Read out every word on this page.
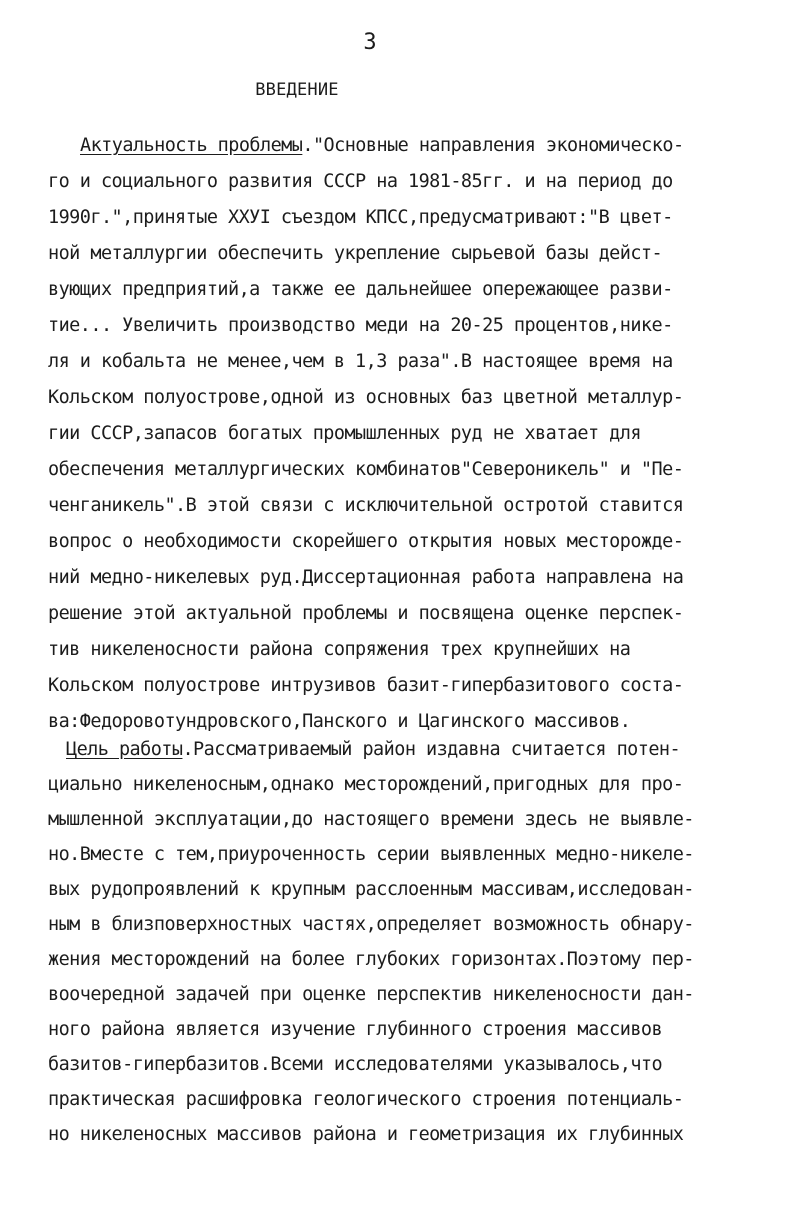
3
ВВЕДЕНИЕ
Актуальность проблемы."Основные направления экономическо-
го и социального развития СССР на 1981-85гг. и на период до
1990г.",принятые XXУI съездом КПСС,предусматривают:"В цвет-
ной металлургии обеспечить укрепление сырьевой базы дейст-
вующих предприятий,а также ее дальнейшее опережающее разви-
тие... Увеличить производство меди на 20-25 процентов,нике-
ля и кобальта не менее,чем в 1,3 раза".В настоящее время на
Кольском полуострове,одной из основных баз цветной металлур-
гии СССР,запасов богатых промышленных руд не хватает для
обеспечения металлургических комбинатов"Североникель" и "Пе-
ченганикель".В этой связи с исключительной остротой ставится
вопрос о необходимости скорейшего открытия новых месторожде-
ний медно-никелевых руд.Диссертационная работа направлена на
решение этой актуальной проблемы и посвящена оценке перспек-
тив никеленосности района сопряжения трех крупнейших на
Кольском полуострове интрузивов базит-гипербазитового соста-
ва:Федоровотундровского,Панского и Цагинского массивов.
Цель работы.Рассматриваемый район издавна считается потен-
циально никеленосным,однако месторождений,пригодных для про-
мышленной эксплуатации,до настоящего времени здесь не выявле-
но.Вместе с тем,приуроченность серии выявленных медно-никеле-
вых рудопроявлений к крупным расслоенным массивам,исследован-
ным в близповерхностных частях,определяет возможность обнару-
жения месторождений на более глубоких горизонтах.Поэтому пер-
воочередной задачей при оценке перспектив никеленосности дан-
ного района является изучение глубинного строения массивов
базитов-гипербазитов.Всеми исследователями указывалось,что
практическая расшифровка геологического строения потенциаль-
но никеленосных массивов района и геометризация их глубинных
